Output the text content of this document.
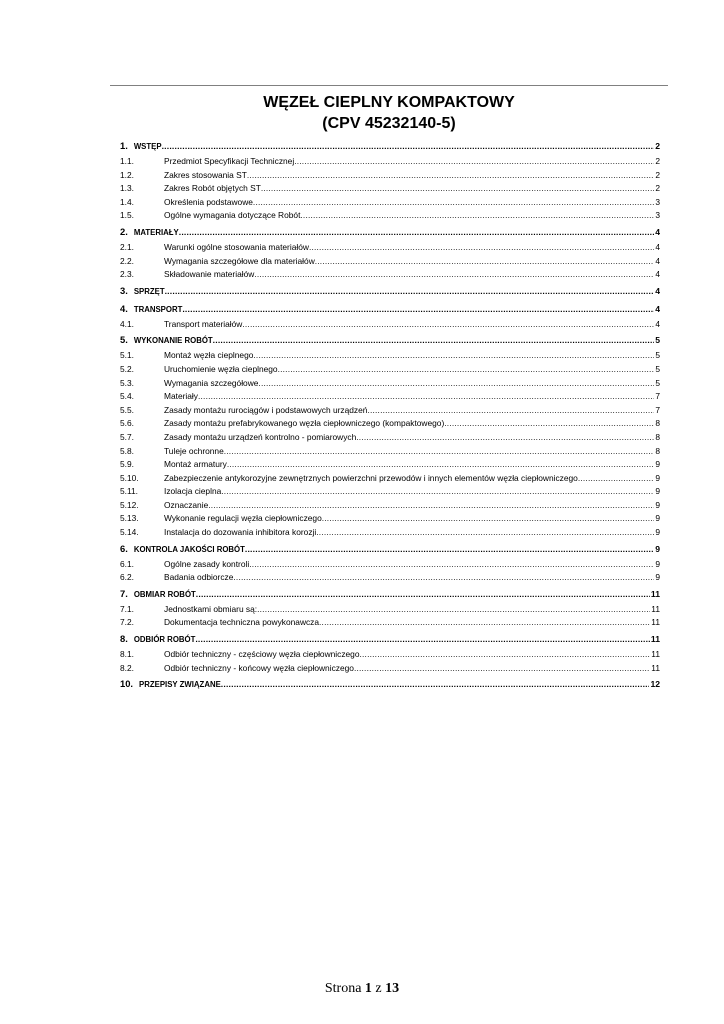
WĘZEŁ CIEPLNY KOMPAKTOWY
(CPV 45232140-5)
1. WSTĘP .....	2
1.1.	Przedmiot Specyfikacji Technicznej .....	2
1.2.	Zakres stosowania ST .....	2
1.3.	Zakres Robót objętych ST .....	2
1.4.	Określenia podstawowe .....	3
1.5.	Ogólne wymagania dotyczące Robót .....	3
2. MATERIAŁY .....	4
2.1.	Warunki ogólne stosowania materiałów .....	4
2.2.	Wymagania szczegółowe dla materiałów .....	4
2.3.	Składowanie materiałów .....	4
3. SPRZĘT .....	4
4. TRANSPORT .....	4
4.1.	Transport materiałów .....	4
5. WYKONANIE ROBÓT .....	5
5.1.	Montaż węzła cieplnego .....	5
5.2.	Uruchomienie węzła cieplnego .....	5
5.3.	Wymagania szczegółowe .....	5
5.4.	Materiały .....	7
5.5.	Zasady montażu rurociągów i podstawowych urządzeń .....	7
5.6.	Zasady montażu prefabrykowanego węzła ciepłowniczego (kompaktowego) .....	8
5.7.	Zasady montażu urządzeń kontrolno - pomiarowych .....	8
5.8.	Tuleje ochronne .....	8
5.9.	Montaż armatury .....	9
5.10.	Zabezpieczenie antykorozyjne zewnętrznych powierzchni przewodów i innych elementów węzła ciepłowniczego .....	9
5.11.	Izolacja cieplna .....	9
5.12.	Oznaczanie .....	9
5.13.	Wykonanie regulacji węzła ciepłowniczego .....	9
5.14.	Instalacja do dozowania inhibitora korozji .....	9
6. KONTROLA JAKOŚCI ROBÓT .....	9
6.1.	Ogólne zasady kontroli .....	9
6.2.	Badania odbiorcze .....	9
7. OBMIAR ROBÓT .....	11
7.1.	Jednostkami obmiaru są: .....	11
7.2.	Dokumentacja techniczna powykonawcza .....	11
8. ODBIÓR ROBÓT .....	11
8.1.	Odbiór techniczny - częściowy węzła ciepłowniczego .....	11
8.2.	Odbiór techniczny - końcowy węzła ciepłowniczego .....	11
10. PRZEPISY ZWIĄZANE .....	12
Strona 1 z 13
